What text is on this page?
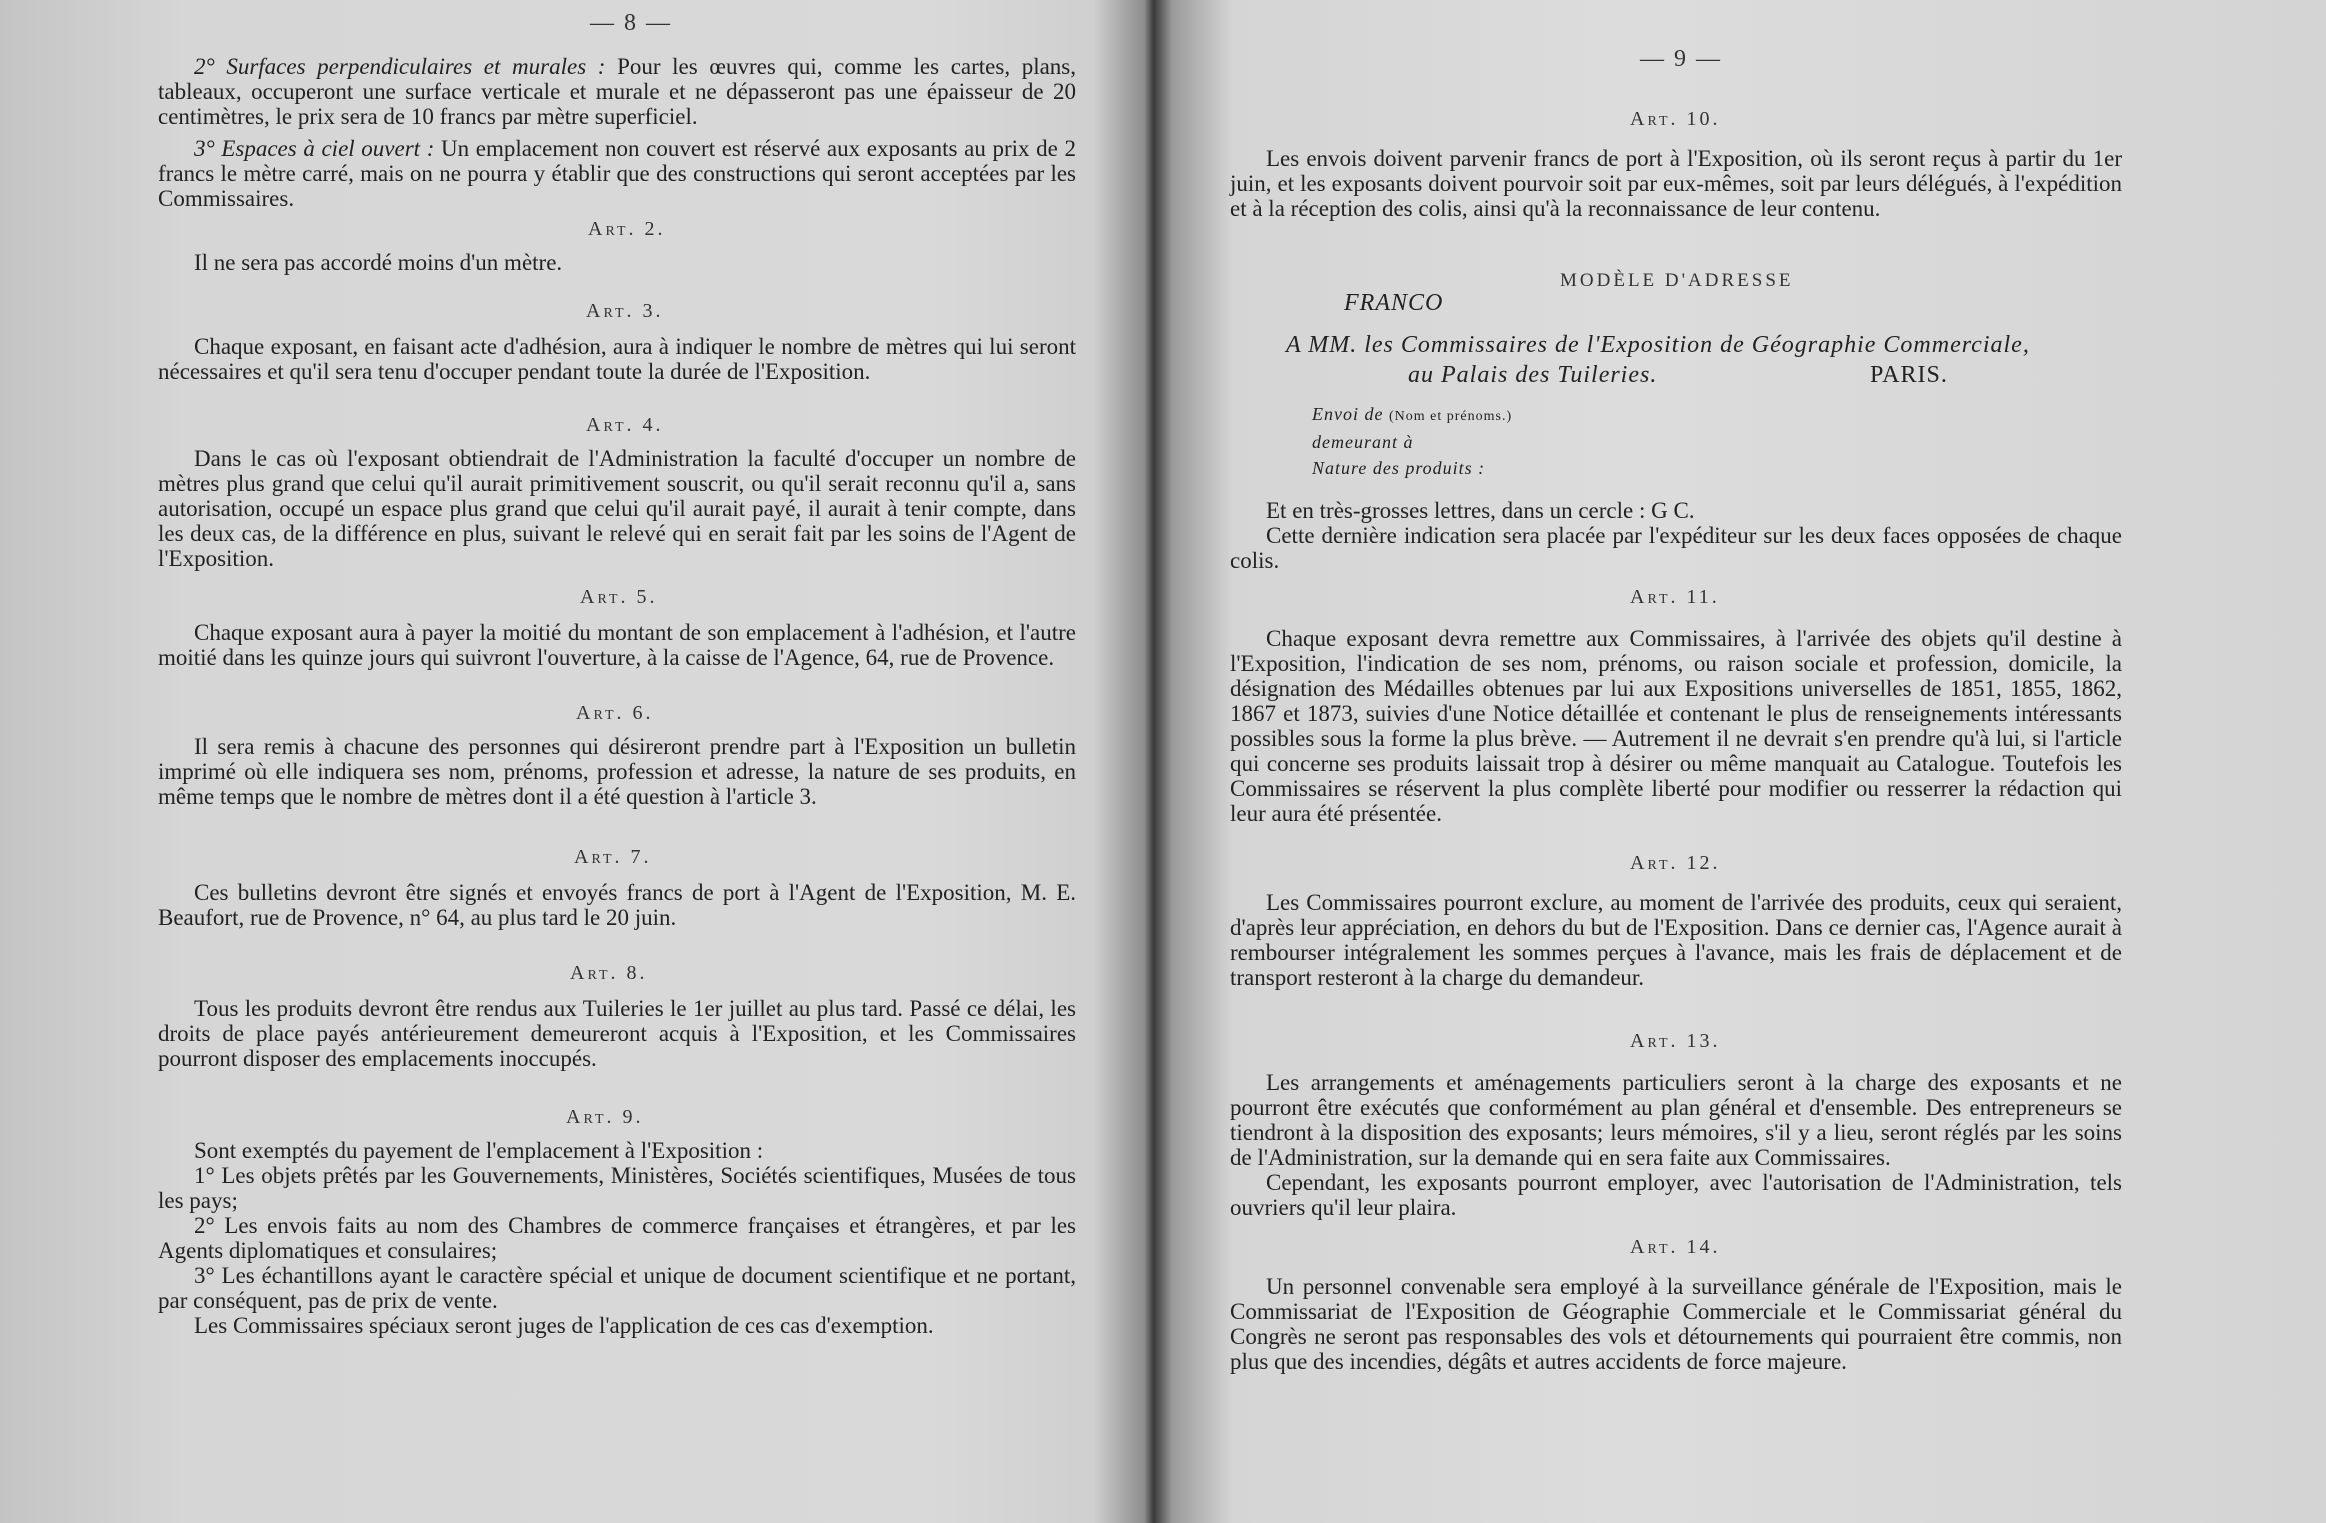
— 8 —

2° Surfaces perpendiculaires et murales : Pour les œuvres qui, comme les cartes, plans, tableaux, occuperont une surface verticale et murale et ne dépasseront pas une épaisseur de 20 centimètres, le prix sera de 10 francs par mètre superficiel.

3° Espaces à ciel ouvert : Un emplacement non couvert est réservé aux exposants au prix de 2 francs le mètre carré, mais on ne pourra y établir que des constructions qui seront acceptées par les Commissaires.

Art. 2.

Il ne sera pas accordé moins d'un mètre.

Art. 3.

Chaque exposant, en faisant acte d'adhésion, aura à indiquer le nombre de mètres qui lui seront nécessaires et qu'il sera tenu d'occuper pendant toute la durée de l'Exposition.

Art. 4.

Dans le cas où l'exposant obtiendrait de l'Administration la faculté d'occuper un nombre de mètres plus grand que celui qu'il aurait primitivement souscrit, ou qu'il serait reconnu qu'il a, sans autorisation, occupé un espace plus grand que celui qu'il aurait payé, il aurait à tenir compte, dans les deux cas, de la différence en plus, suivant le relevé qui en serait fait par les soins de l'Agent de l'Exposition.

Art. 5.

Chaque exposant aura à payer la moitié du montant de son emplacement à l'adhésion, et l'autre moitié dans les quinze jours qui suivront l'ouverture, à la caisse de l'Agence, 64, rue de Provence.

Art. 6.

Il sera remis à chacune des personnes qui désireront prendre part à l'Exposition un bulletin imprimé où elle indiquera ses nom, prénoms, profession et adresse, la nature de ses produits, en même temps que le nombre de mètres dont il a été question à l'article 3.

Art. 7.

Ces bulletins devront être signés et envoyés francs de port à l'Agent de l'Exposition, M. E. Beaufort, rue de Provence, n° 64, au plus tard le 20 juin.

Art. 8.

Tous les produits devront être rendus aux Tuileries le 1er juillet au plus tard. Passé ce délai, les droits de place payés antérieurement demeureront acquis à l'Exposition, et les Commissaires pourront disposer des emplacements inoccupés.

Art. 9.

Sont exemptés du payement de l'emplacement à l'Exposition :

1° Les objets prêtés par les Gouvernements, Ministères, Sociétés scientifiques, Musées de tous les pays;

2° Les envois faits au nom des Chambres de commerce françaises et étrangères, et par les Agents diplomatiques et consulaires;

3° Les échantillons ayant le caractère spécial et unique de document scientifique et ne portant, par conséquent, pas de prix de vente.

Les Commissaires spéciaux seront juges de l'application de ces cas d'exemption.

— 9 —
Art. 10.

Les envois doivent parvenir francs de port à l'Exposition, où ils seront reçus à partir du 1er juin, et les exposants doivent pourvoir soit par eux-mêmes, soit par leurs délégués, à l'expédition et à la réception des colis, ainsi qu'à la reconnaissance de leur contenu.

MODÈLE D'ADRESSE
FRANCO
A MM. les Commissaires de l'Exposition de Géographie Commerciale,
au Palais des Tuileries.	PARIS.
Envoi de (Nom et prénoms.)
demeurant à
Nature des produits :

Et en très-grosses lettres, dans un cercle : G C.

Cette dernière indication sera placée par l'expéditeur sur les deux faces opposées de chaque colis.

Art. 11.

Chaque exposant devra remettre aux Commissaires, à l'arrivée des objets qu'il destine à l'Exposition, l'indication de ses nom, prénoms, ou raison sociale et profession, domicile, la désignation des Médailles obtenues par lui aux Expositions universelles de 1851, 1855, 1862, 1867 et 1873, suivies d'une Notice détaillée et contenant le plus de renseignements intéressants possibles sous la forme la plus brève. — Autrement il ne devrait s'en prendre qu'à lui, si l'article qui concerne ses produits laissait trop à désirer ou même manquait au Catalogue. Toutefois les Commissaires se réservent la plus complète liberté pour modifier ou resserrer la rédaction qui leur aura été présentée.

Art. 12.

Les Commissaires pourront exclure, au moment de l'arrivée des produits, ceux qui seraient, d'après leur appréciation, en dehors du but de l'Exposition. Dans ce dernier cas, l'Agence aurait à rembourser intégralement les sommes perçues à l'avance, mais les frais de déplacement et de transport resteront à la charge du demandeur.

Art. 13.

Les arrangements et aménagements particuliers seront à la charge des exposants et ne pourront être exécutés que conformément au plan général et d'ensemble. Des entrepreneurs se tiendront à la disposition des exposants; leurs mémoires, s'il y a lieu, seront réglés par les soins de l'Administration, sur la demande qui en sera faite aux Commissaires.

Cependant, les exposants pourront employer, avec l'autorisation de l'Administration, tels ouvriers qu'il leur plaira.

Art. 14.

Un personnel convenable sera employé à la surveillance générale de l'Exposition, mais le Commissariat de l'Exposition de Géographie Commerciale et le Commissariat général du Congrès ne seront pas responsables des vols et détournements qui pourraient être commis, non plus que des incendies, dégâts et autres accidents de force majeure.
